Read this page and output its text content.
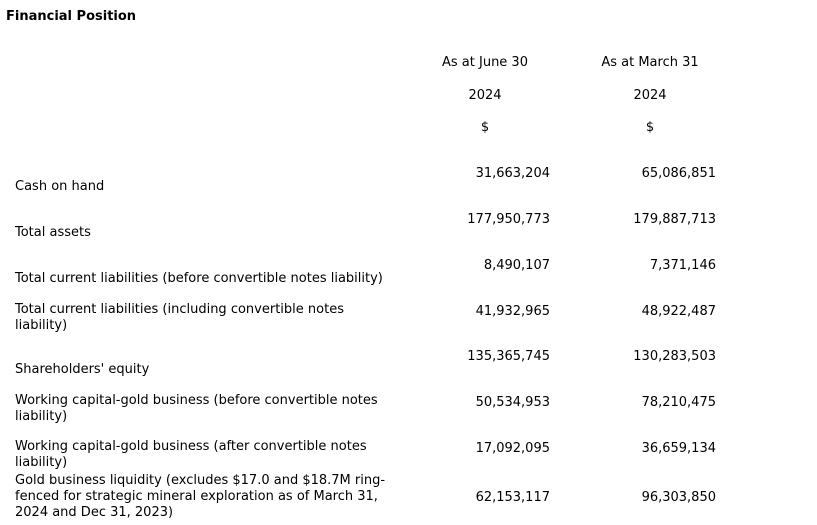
Financial Position
As at June 30
2024
$
As at March 31
2024
$
Cash on hand
31,663,204	65,086,851
Total assets
177,950,773	179,887,713
Total current liabilities (before convertible notes liability)
8,490,107	7,371,146
Total current liabilities (including convertible notes liability)
41,932,965	48,922,487
Shareholders' equity
135,365,745	130,283,503
Working capital-gold business (before convertible notes liability)
50,534,953	78,210,475
Working capital-gold business (after convertible notes liability)
17,092,095	36,659,134
Gold business liquidity (excludes $17.0 and $18.7M ring-fenced for strategic mineral exploration as of March 31, 2024 and Dec 31, 2023)
62,153,117	96,303,850
